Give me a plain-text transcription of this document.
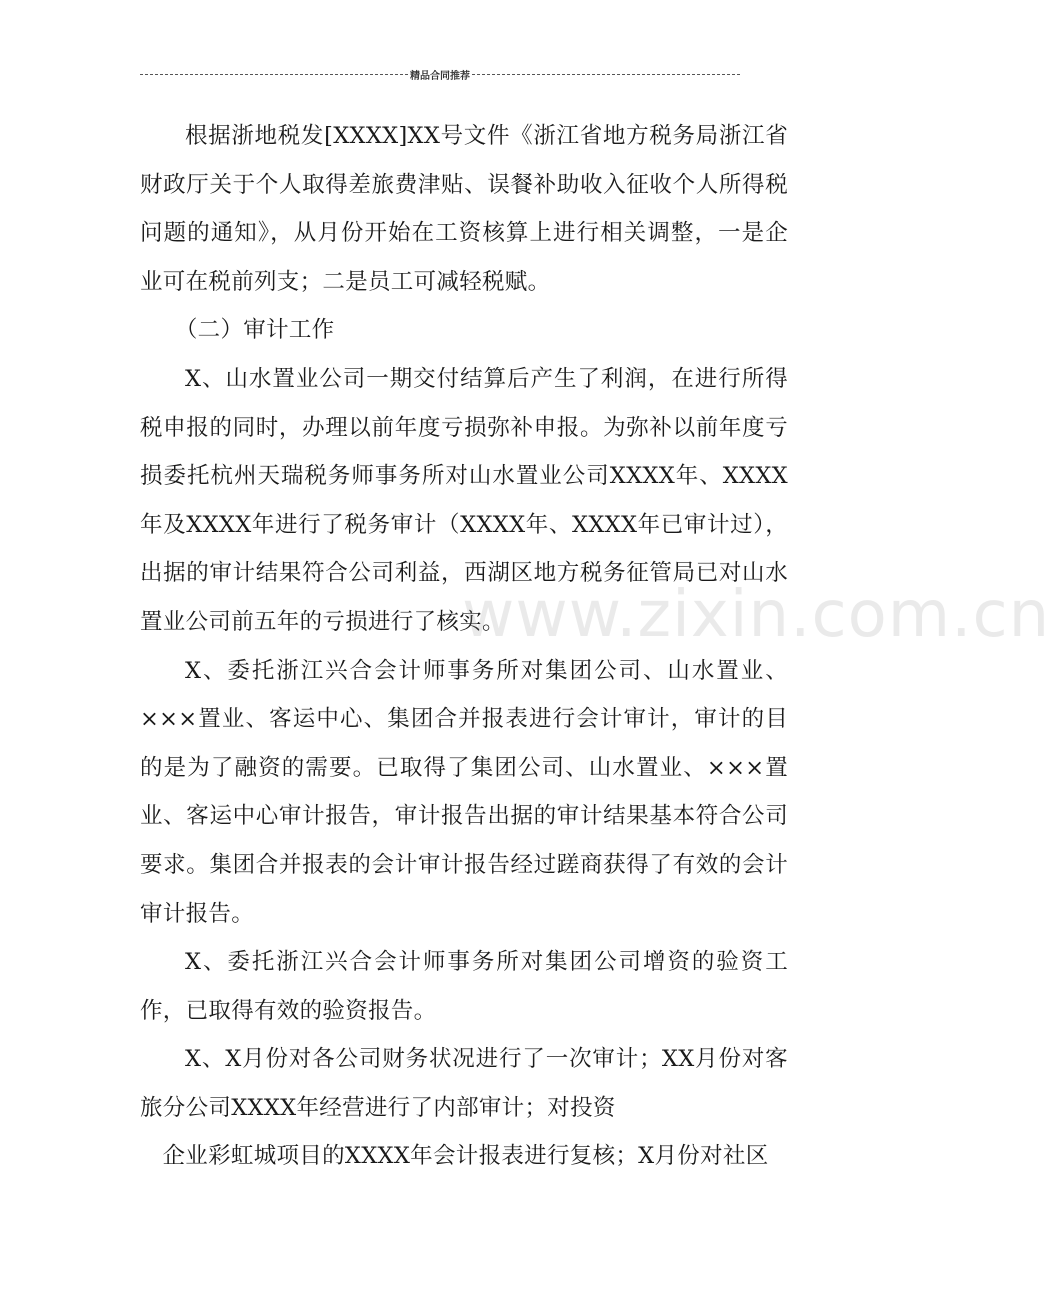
精品合同推荐

根据浙地税发[XXXX]XX号文件《浙江省地方税务局浙江省财政厅关于个人取得差旅费津贴、误餐补助收入征收个人所得税问题的通知》，从月份开始在工资核算上进行相关调整，一是企业可在税前列支；二是员工可减轻税赋。

（二）审计工作

X、山水置业公司一期交付结算后产生了利润，在进行所得税申报的同时，办理以前年度亏损弥补申报。为弥补以前年度亏损委托杭州天瑞税务师事务所对山水置业公司XXXX年、XXXX年及XXXX年进行了税务审计（XXXX年、XXXX年已审计过），出据的审计结果符合公司利益，西湖区地方税务征管局已对山水置业公司前五年的亏损进行了核实。

X、委托浙江兴合会计师事务所对集团公司、山水置业、×××置业、客运中心、集团合并报表进行会计审计，审计的目的是为了融资的需要。已取得了集团公司、山水置业、×××置业、客运中心审计报告，审计报告出据的审计结果基本符合公司要求。集团合并报表的会计审计报告经过蹉商获得了有效的会计审计报告。

X、委托浙江兴合会计师事务所对集团公司增资的验资工作，已取得有效的验资报告。

X、X月份对各公司财务状况进行了一次审计；XX月份对客旅分公司XXXX年经营进行了内部审计；对投资

企业彩虹城项目的XXXX年会计报表进行复核；X月份对社区

www.zixin.com.cn
